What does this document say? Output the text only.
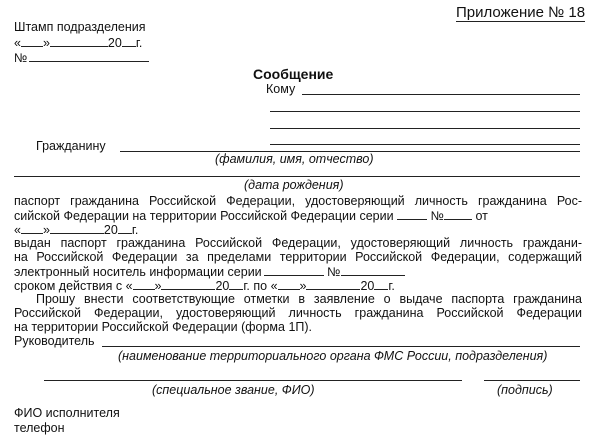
Приложение № 18
Штамп подразделения
« »	20 г.
№
Сообщение
Кому
Гражданину
(фамилия, имя, отчество)
(дата рождения)
паспорт гражданина Российской Федерации, удостоверяющий личность гражданина Рос-
сийской Федерации на территории Российской Федерации серии	№	от
« »	20 г.
выдан паспорт гражданина Российской Федерации, удостоверяющий личность граждани-
на Российской Федерации за пределами территории Российской Федерации, содержащий
электронный носитель информации серии	№
сроком действия с « »	20 г. по « »	20 г.
Прошу внести соответствующие отметки в заявление о выдаче паспорта гражданина
Российской Федерации, удостоверяющий личность гражданина Российской Федерации
на территории Российской Федерации (форма 1П).
Руководитель
(наименование территориального органа ФМС России, подразделения)
(специальное звание, ФИО)	(подпись)
ФИО исполнителя
телефон
